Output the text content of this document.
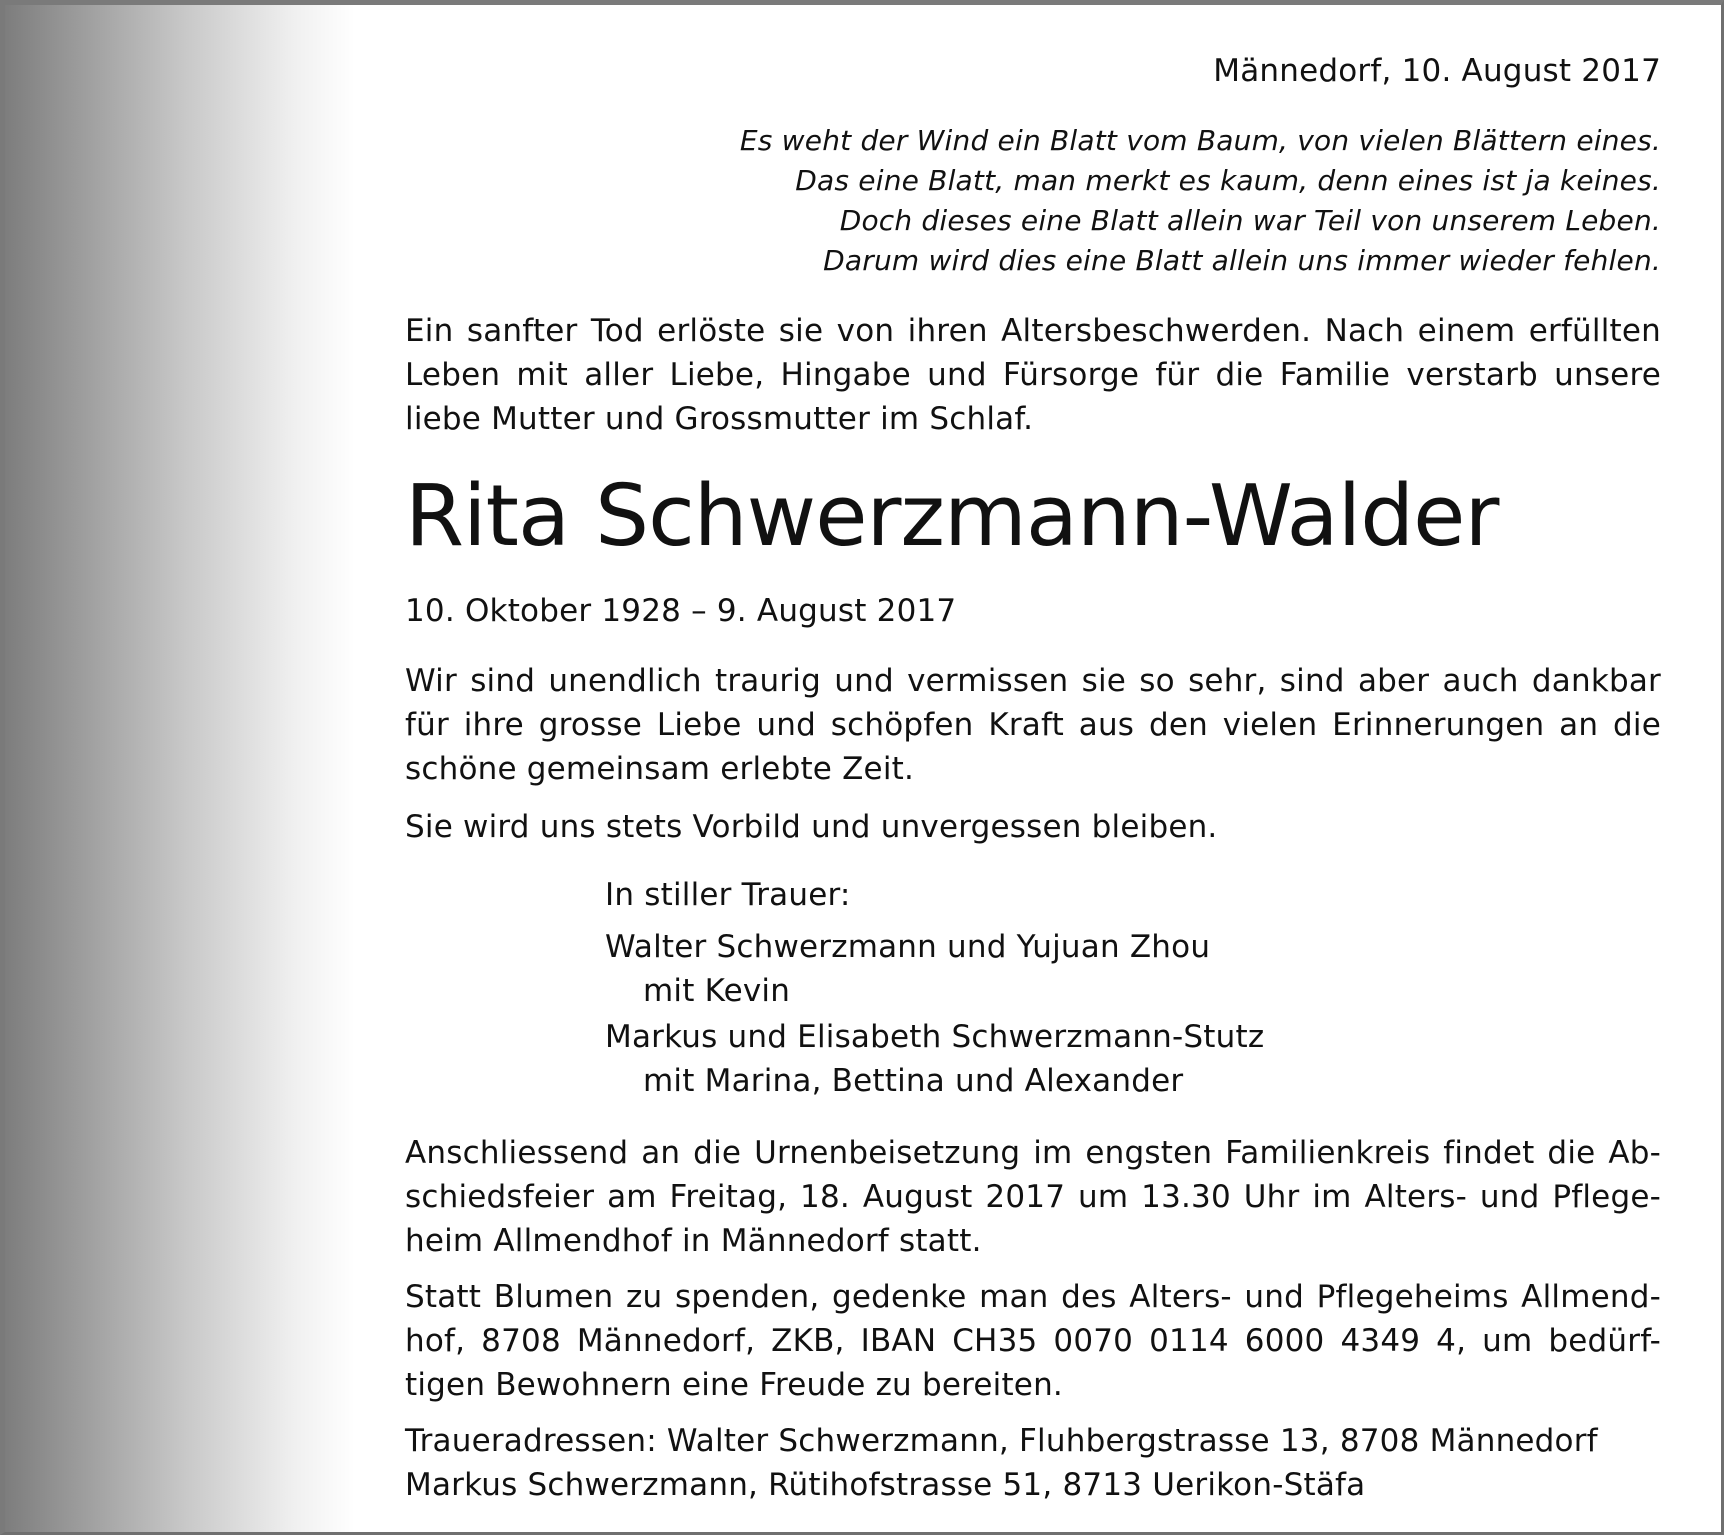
Männedorf, 10. August 2017
Es weht der Wind ein Blatt vom Baum, von vielen Blättern eines.
Das eine Blatt, man merkt es kaum, denn eines ist ja keines.
Doch dieses eine Blatt allein war Teil von unserem Leben.
Darum wird dies eine Blatt allein uns immer wieder fehlen.
Ein sanfter Tod erlöste sie von ihren Altersbeschwerden. Nach einem erfüllten
Leben mit aller Liebe, Hingabe und Fürsorge für die Familie verstarb unsere
liebe Mutter und Grossmutter im Schlaf.
Rita Schwerzmann-Walder
10. Oktober 1928 – 9. August 2017
Wir sind unendlich traurig und vermissen sie so sehr, sind aber auch dankbar
für ihre grosse Liebe und schöpfen Kraft aus den vielen Erinnerungen an die
schöne gemeinsam erlebte Zeit.
Sie wird uns stets Vorbild und unvergessen bleiben.
In stiller Trauer:
Walter Schwerzmann und Yujuan Zhou
mit Kevin
Markus und Elisabeth Schwerzmann-Stutz
mit Marina, Bettina und Alexander
Anschliessend an die Urnenbeisetzung im engsten Familienkreis findet die Ab-
schiedsfeier am Freitag, 18. August 2017 um 13.30 Uhr im Alters- und Pflege-
heim Allmendhof in Männedorf statt.
Statt Blumen zu spenden, gedenke man des Alters- und Pflegeheims Allmend-
hof, 8708 Männedorf, ZKB, IBAN CH35 0070 0114 6000 4349 4, um bedürf-
tigen Bewohnern eine Freude zu bereiten.
Traueradressen: Walter Schwerzmann, Fluhbergstrasse 13, 8708 Männedorf
Markus Schwerzmann, Rütihofstrasse 51, 8713 Uerikon-Stäfa
